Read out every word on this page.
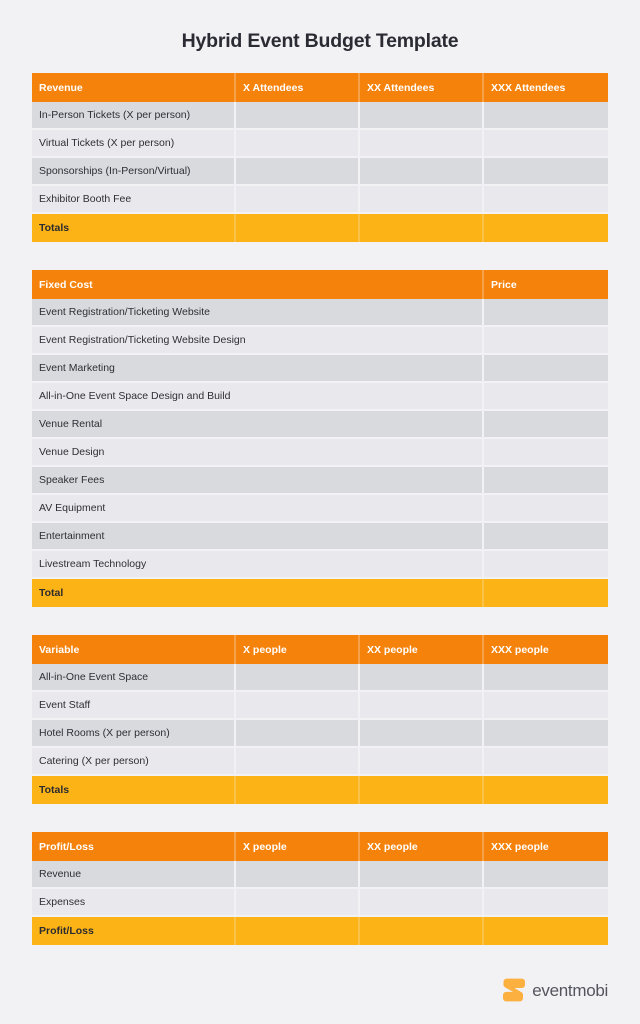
Hybrid Event Budget Template
Revenue	X Attendees	XX Attendees	XXX Attendees
In-Person Tickets (X per person)			
Virtual Tickets (X per person)			
Sponsorships (In-Person/Virtual)			
Exhibitor Booth Fee			
Totals			
Fixed Cost	Price
Event Registration/Ticketing Website	
Event Registration/Ticketing Website Design	
Event Marketing	
All-in-One Event Space Design and Build	
Venue Rental	
Venue Design	
Speaker Fees	
AV Equipment	
Entertainment	
Livestream Technology	
Total	
Variable	X people	XX people	XXX people
All-in-One Event Space			
Event Staff			
Hotel Rooms (X per person)			
Catering (X per person)			
Totals			
Profit/Loss	X people	XX people	XXX people
Revenue			
Expenses			
Profit/Loss			
eventmobi
